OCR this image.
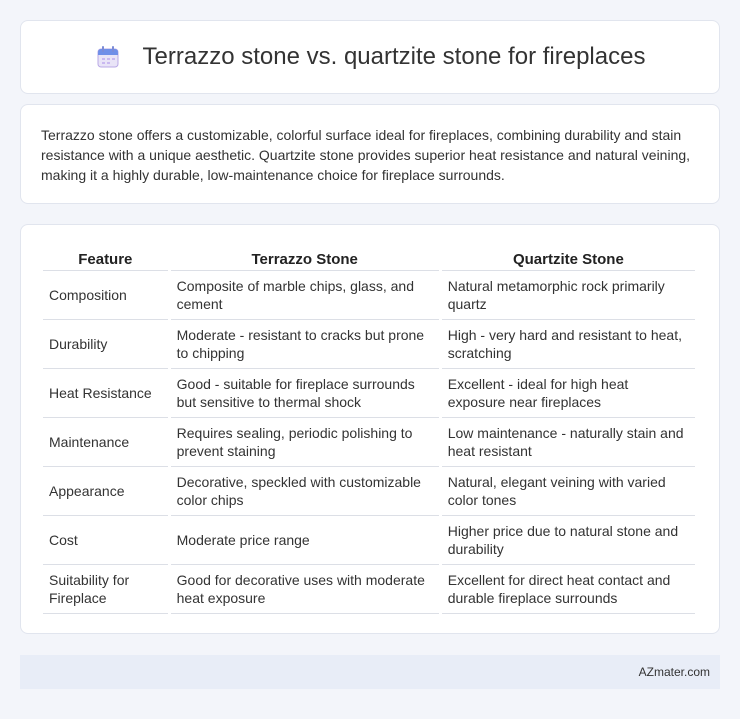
Terrazzo stone vs. quartzite stone for fireplaces

Terrazzo stone offers a customizable, colorful surface ideal for fireplaces, combining durability and stain resistance with a unique aesthetic. Quartzite stone provides superior heat resistance and natural veining, making it a highly durable, low-maintenance choice for fireplace surrounds.

Feature	Terrazzo Stone	Quartzite Stone
Composition	Composite of marble chips, glass, and cement	Natural metamorphic rock primarily quartz
Durability	Moderate - resistant to cracks but prone to chipping	High - very hard and resistant to heat, scratching
Heat Resistance	Good - suitable for fireplace surrounds but sensitive to thermal shock	Excellent - ideal for high heat exposure near fireplaces
Maintenance	Requires sealing, periodic polishing to prevent staining	Low maintenance - naturally stain and heat resistant
Appearance	Decorative, speckled with customizable color chips	Natural, elegant veining with varied color tones
Cost	Moderate price range	Higher price due to natural stone and durability
Suitability for Fireplace	Good for decorative uses with moderate heat exposure	Excellent for direct heat contact and durable fireplace surrounds
AZmater.com
